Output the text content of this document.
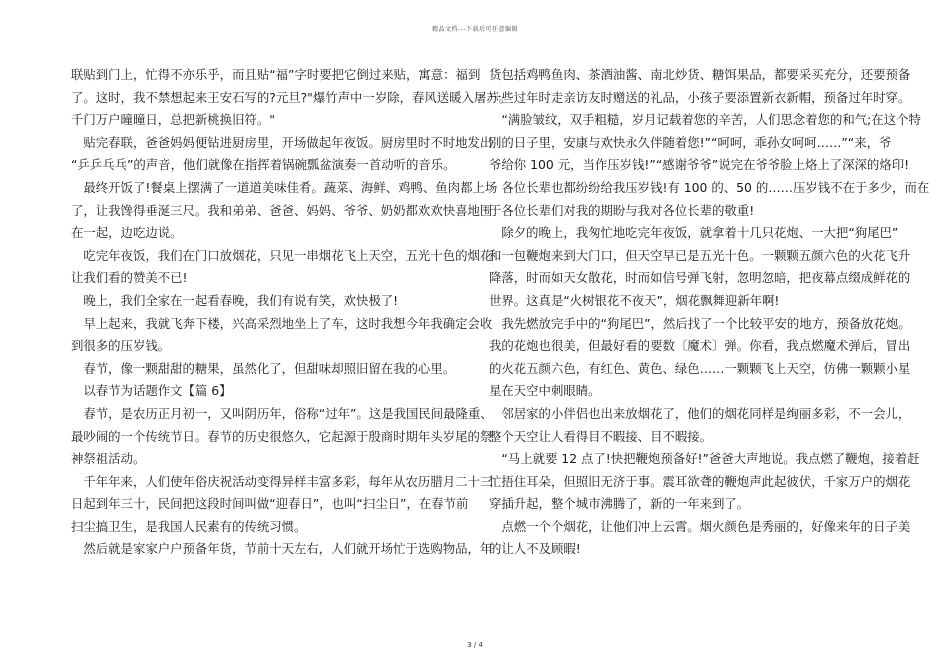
精品文档---下载后可任意编辑
联贴到门上，忙得不亦乐乎，而且贴“福”字时要把它倒过来贴，寓意：福到
了。这时，我不禁想起来王安石写的?元旦?"爆竹声中一岁除，春风送暖入屠苏。
千门万户曈曈日，总把新桃换旧符。"
　贴完春联，爸爸妈妈便钻进厨房里，开场做起年夜饭。厨房里时不时地发出
“乒乒乓乓”的声音，他们就像在指挥着锅碗瓢盆演奏一首动听的音乐。
　最终开饭了!餐桌上摆满了一道道美味佳肴。蔬菜、海鲜、鸡鸭、鱼肉都上场
了，让我馋得垂涎三尺。我和弟弟、爸爸、妈妈、爷爷、奶奶都欢欢快喜地围
在一起，边吃边说。
　吃完年夜饭，我们在门口放烟花，只见一串烟花飞上天空，五光十色的烟花
让我们看的赞美不已!
　晚上，我们全家在一起看春晚，我们有说有笑，欢快极了!
　早上起来，我就飞奔下楼，兴高采烈地坐上了车，这时我想今年我确定会收
到很多的压岁钱。
　春节，像一颗甜甜的糖果，虽然化了，但甜味却照旧留在我的心里。
　以春节为话题作文【篇 6】
　春节，是农历正月初一，又叫阴历年，俗称“过年”。这是我国民间最隆重、
最吵闹的一个传统节日。春节的历史很悠久，它起源于殷商时期年头岁尾的祭
神祭祖活动。
　千年年来，人们使年俗庆祝活动变得异样丰富多彩，每年从农历腊月二十三
日起到年三十，民间把这段时间叫做“迎春日”，也叫“扫尘日”，在春节前
扫尘搞卫生，是我国人民素有的传统习惯。
　然后就是家家户户预备年货，节前十天左右，人们就开场忙于选购物品，年
货包括鸡鸭鱼肉、茶酒油酱、南北炒货、糖饵果品，都要采买充分，还要预备
一些过年时走亲访友时赠送的礼品，小孩子要添置新衣新帽，预备过年时穿。
　“满脸皱纹，双手粗糙，岁月记载着您的辛苦，人们思念着您的和气;在这个特
别的日子里，安康与欢快永久伴随着您!”“呵呵，乖孙女呵呵……”“来，爷
爷给你 100 元，当作压岁钱!”“感谢爷爷”说完在爷爷脸上烙上了深深的烙印!
　各位长辈也都纷纷给我压岁钱!有 100 的、50 的……压岁钱不在于多少，而在
于各位长辈们对我的期盼与我对各位长辈的敬重!
　除夕的晚上，我匆忙地吃完年夜饭，就拿着十几只花炮、一大把“狗尾巴”
和一包鞭炮来到大门口，但天空早已是五光十色。一颗颗五颜六色的火花飞升
降落，时而如天女散花，时而如信号弹飞射，忽明忽暗，把夜幕点缀成鲜花的
世界。这真是“火树银花不夜天”，烟花飘舞迎新年啊!
　我先燃放完手中的“狗尾巴”，然后找了一个比较平安的地方，预备放花炮。
我的花炮也很美，但最好看的要数〔魔术〕弹。你看，我点燃魔术弹后，冒出
的火花五颜六色，有红色、黄色、绿色……一颗颗飞上天空，仿佛一颗颗小星
星在天空中刺眼睛。
　邻居家的小伴侣也出来放烟花了，他们的烟花同样是绚丽多彩，不一会儿，
整个天空让人看得目不暇接、目不暇接。
　“马上就要 12 点了!快把鞭炮预备好!”爸爸大声地说。我点燃了鞭炮，接着赶
忙捂住耳朵，但照旧无济于事。震耳欲聋的鞭炮声此起彼伏，千家万户的烟花
穿插升起，整个城市沸腾了，新的一年来到了。
　点燃一个个烟花，让他们冲上云霄。烟火颜色是秀丽的，好像来年的日子美
的让人不及顾暇!
3 / 4
